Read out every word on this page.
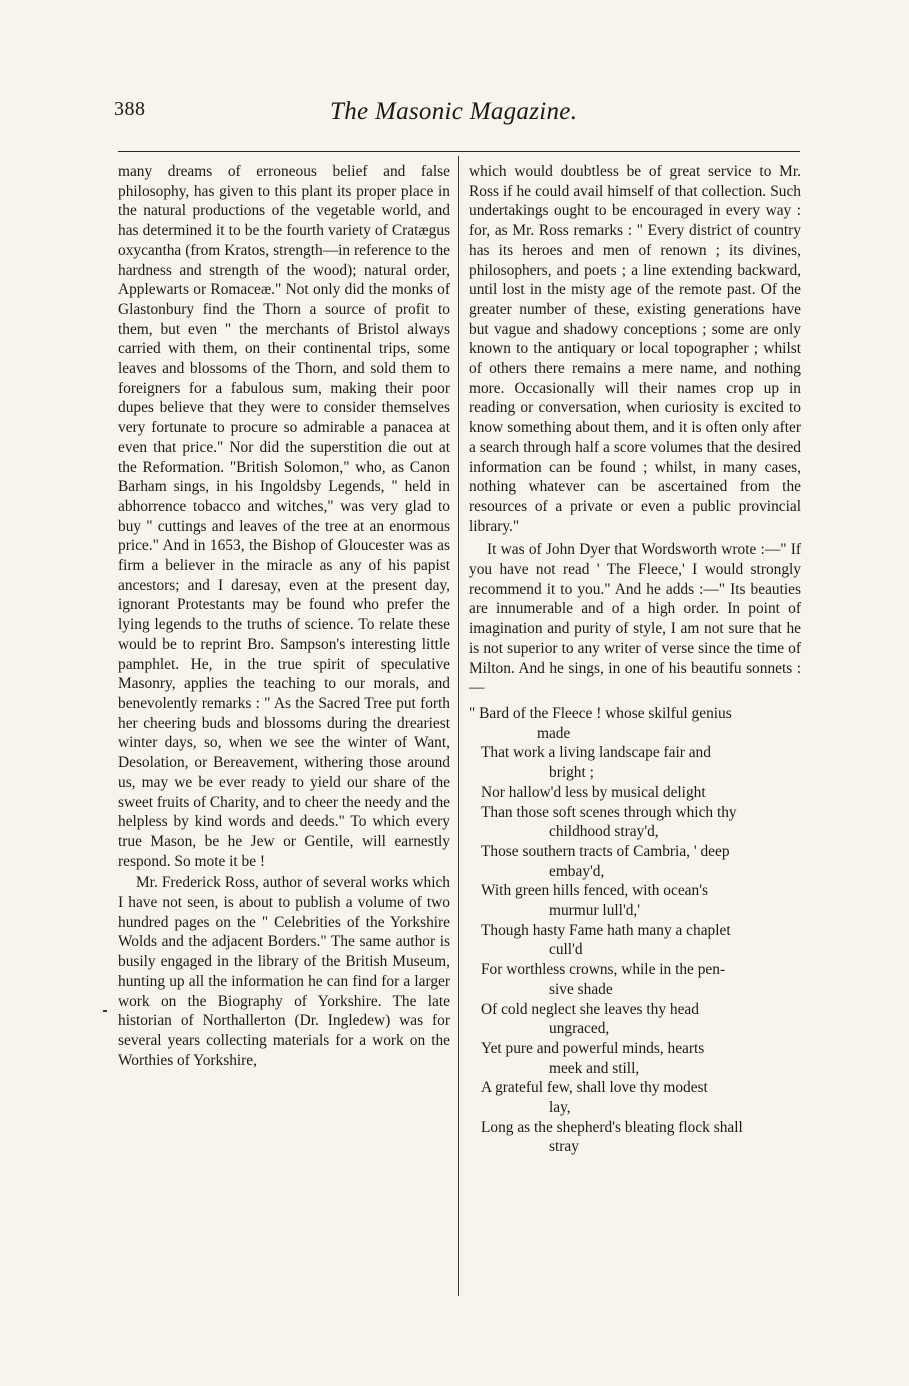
388	The Masonic Magazine.

many dreams of erroneous belief and false philosophy, has given to this plant its proper place in the natural productions of the vegetable world, and has determined it to be the fourth variety of Cratægus oxycantha (from Kratos, strength—in reference to the hardness and strength of the wood); natural order, Applewarts or Romaceæ." Not only did the monks of Glastonbury find the Thorn a source of profit to them, but even " the merchants of Bristol always carried with them, on their continental trips, some leaves and blossoms of the Thorn, and sold them to foreigners for a fabulous sum, making their poor dupes believe that they were to consider themselves very fortunate to procure so admirable a panacea at even that price." Nor did the superstition die out at the Reformation. "British Solomon," who, as Canon Barham sings, in his Ingoldsby Legends, " held in abhorrence tobacco and witches," was very glad to buy " cuttings and leaves of the tree at an enormous price." And in 1653, the Bishop of Gloucester was as firm a believer in the miracle as any of his papist ancestors; and I daresay, even at the present day, ignorant Protestants may be found who prefer the lying legends to the truths of science. To relate these would be to reprint Bro. Sampson's interesting little pamphlet. He, in the true spirit of speculative Masonry, applies the teaching to our morals, and benevolently remarks : " As the Sacred Tree put forth her cheering buds and blossoms during the dreariest winter days, so, when we see the winter of Want, Desolation, or Bereavement, withering those around us, may we be ever ready to yield our share of the sweet fruits of Charity, and to cheer the needy and the helpless by kind words and deeds." To which every true Mason, be he Jew or Gentile, will earnestly respond. So mote it be !

Mr. Frederick Ross, author of several works which I have not seen, is about to publish a volume of two hundred pages on the " Celebrities of the Yorkshire Wolds and the adjacent Borders." The same author is busily engaged in the library of the British Museum, hunting up all the information he can find for a larger work on the Biography of Yorkshire. The late historian of Northallerton (Dr. Ingledew) was for several years collecting materials for a work on the Worthies of Yorkshire,

which would doubtless be of great service to Mr. Ross if he could avail himself of that collection. Such undertakings ought to be encouraged in every way : for, as Mr. Ross remarks : " Every district of country has its heroes and men of renown ; its divines, philosophers, and poets ; a line extending backward, until lost in the misty age of the remote past. Of the greater number of these, existing generations have but vague and shadowy conceptions ; some are only known to the antiquary or local topographer ; whilst of others there remains a mere name, and nothing more. Occasionally will their names crop up in reading or conversation, when curiosity is excited to know something about them, and it is often only after a search through half a score volumes that the desired information can be found ; whilst, in many cases, nothing whatever can be ascertained from the resources of a private or even a public provincial library."

It was of John Dyer that Wordsworth wrote :—" If you have not read ' The Fleece,' I would strongly recommend it to you." And he adds :—" Its beauties are innumerable and of a high order. In point of imagination and purity of style, I am not sure that he is not superior to any writer of verse since the time of Milton. And he sings, in one of his beautifu sonnets :—

" Bard of the Fleece ! whose skilful genius
made
That work a living landscape fair and
bright ;
Nor hallow'd less by musical delight
Than those soft scenes through which thy
childhood stray'd,
Those southern tracts of Cambria, ' deep
embay'd,
With green hills fenced, with ocean's
murmur lull'd,'
Though hasty Fame hath many a chaplet
cull'd
For worthless crowns, while in the pen-
sive shade
Of cold neglect she leaves thy head
ungraced,
Yet pure and powerful minds, hearts
meek and still,
A grateful few, shall love thy modest
lay,
Long as the shepherd's bleating flock shall
stray
